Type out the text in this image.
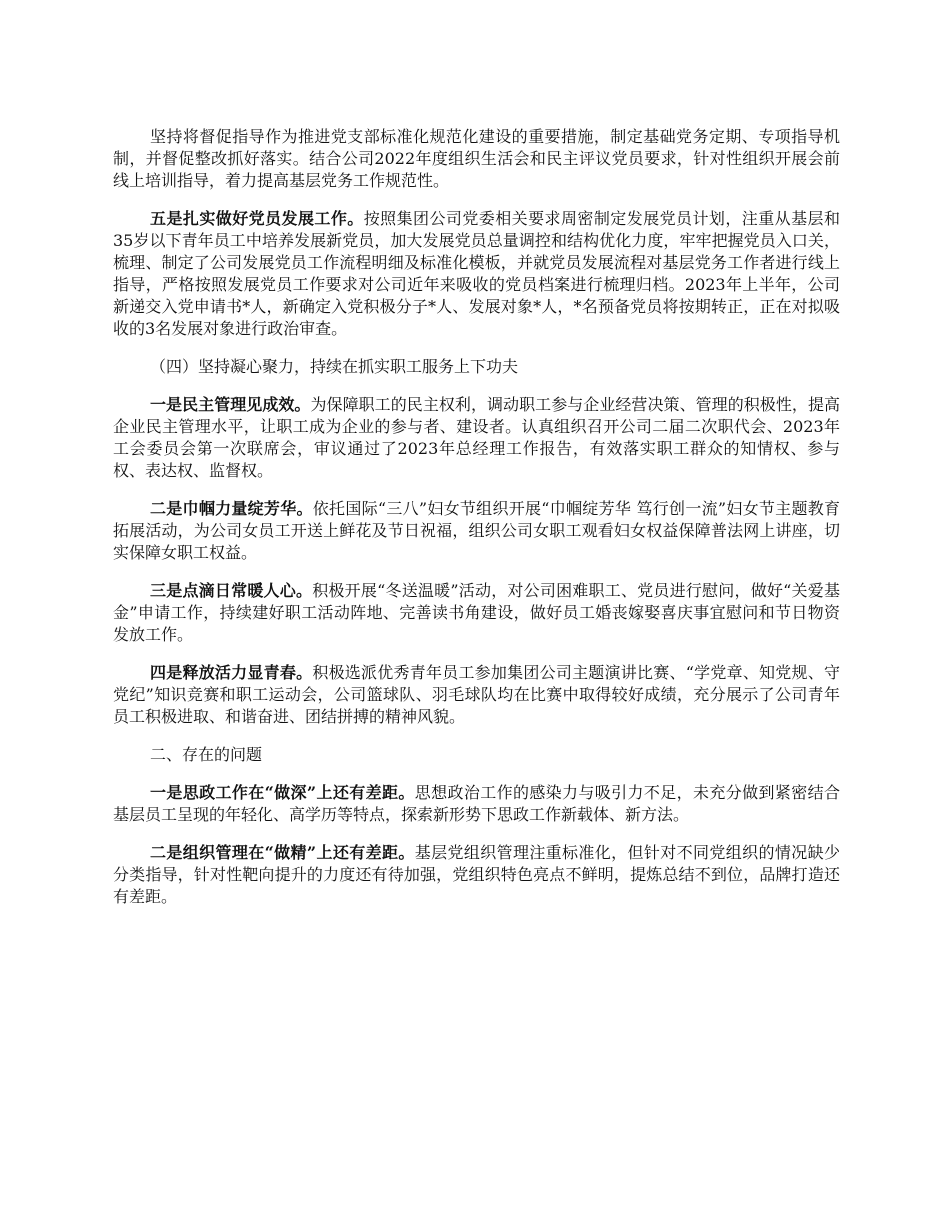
坚持将督促指导作为推进党支部标准化规范化建设的重要措施，制定基础党务定期、专项指导机制，并督促整改抓好落实。结合公司2022年度组织生活会和民主评议党员要求，针对性组织开展会前线上培训指导，着力提高基层党务工作规范性。

五是扎实做好党员发展工作。按照集团公司党委相关要求周密制定发展党员计划，注重从基层和35岁以下青年员工中培养发展新党员，加大发展党员总量调控和结构优化力度，牢牢把握党员入口关，梳理、制定了公司发展党员工作流程明细及标准化模板，并就党员发展流程对基层党务工作者进行线上指导，严格按照发展党员工作要求对公司近年来吸收的党员档案进行梳理归档。2023年上半年，公司新递交入党申请书*人，新确定入党积极分子*人、发展对象*人，*名预备党员将按期转正，正在对拟吸收的3名发展对象进行政治审查。

（四）坚持凝心聚力，持续在抓实职工服务上下功夫

一是民主管理见成效。为保障职工的民主权利，调动职工参与企业经营决策、管理的积极性，提高企业民主管理水平，让职工成为企业的参与者、建设者。认真组织召开公司二届二次职代会、2023年工会委员会第一次联席会，审议通过了2023年总经理工作报告，有效落实职工群众的知情权、参与权、表达权、监督权。

二是巾帼力量绽芳华。依托国际“三八”妇女节组织开展“巾帼绽芳华 笃行创一流”妇女节主题教育拓展活动，为公司女员工开送上鲜花及节日祝福，组织公司女职工观看妇女权益保障普法网上讲座，切实保障女职工权益。

三是点滴日常暖人心。积极开展“冬送温暖”活动，对公司困难职工、党员进行慰问，做好“关爱基金”申请工作，持续建好职工活动阵地、完善读书角建设，做好员工婚丧嫁娶喜庆事宜慰问和节日物资发放工作。

四是释放活力显青春。积极选派优秀青年员工参加集团公司主题演讲比赛、“学党章、知党规、守党纪”知识竞赛和职工运动会，公司篮球队、羽毛球队均在比赛中取得较好成绩，充分展示了公司青年员工积极进取、和谐奋进、团结拼搏的精神风貌。

二、存在的问题

一是思政工作在“做深”上还有差距。思想政治工作的感染力与吸引力不足，未充分做到紧密结合基层员工呈现的年轻化、高学历等特点，探索新形势下思政工作新载体、新方法。

二是组织管理在“做精”上还有差距。基层党组织管理注重标准化，但针对不同党组织的情况缺少分类指导，针对性靶向提升的力度还有待加强，党组织特色亮点不鲜明，提炼总结不到位，品牌打造还有差距。
